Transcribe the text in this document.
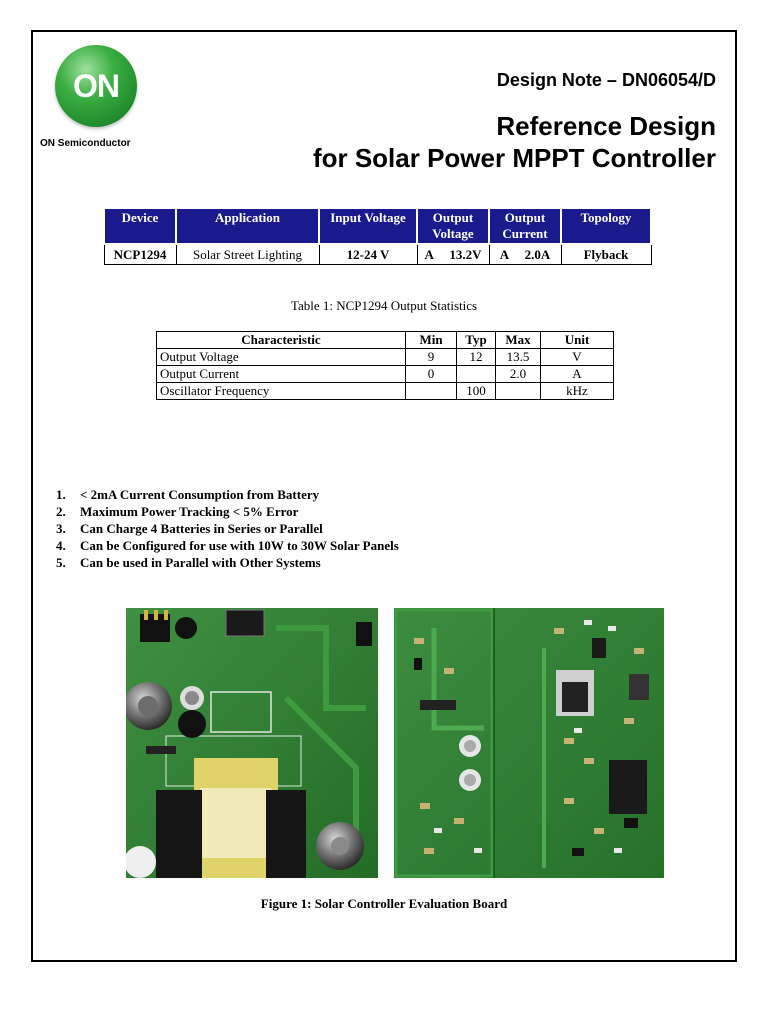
ON
ON Semiconductor
Design Note – DN06054/D
Reference Design
for Solar Power MPPT Controller
Device	Application	Input Voltage	Output Voltage	Output Current	Topology
NCP1294	Solar Street Lighting	12-24 V	A     13.2V	A     2.0A	Flyback
Table 1: NCP1294 Output Statistics
Characteristic	Min	Typ	Max	Unit
Output Voltage	9	12	13.5	V
Output Current	0		2.0	A
Oscillator Frequency		100		kHz
1.	< 2mA Current Consumption from Battery
2.	Maximum Power Tracking < 5% Error
3.	Can Charge 4 Batteries in Series or Parallel
4.	Can be Configured for use with 10W to 30W Solar Panels
5.	Can be used in Parallel with Other Systems
Figure 1: Solar Controller Evaluation Board
